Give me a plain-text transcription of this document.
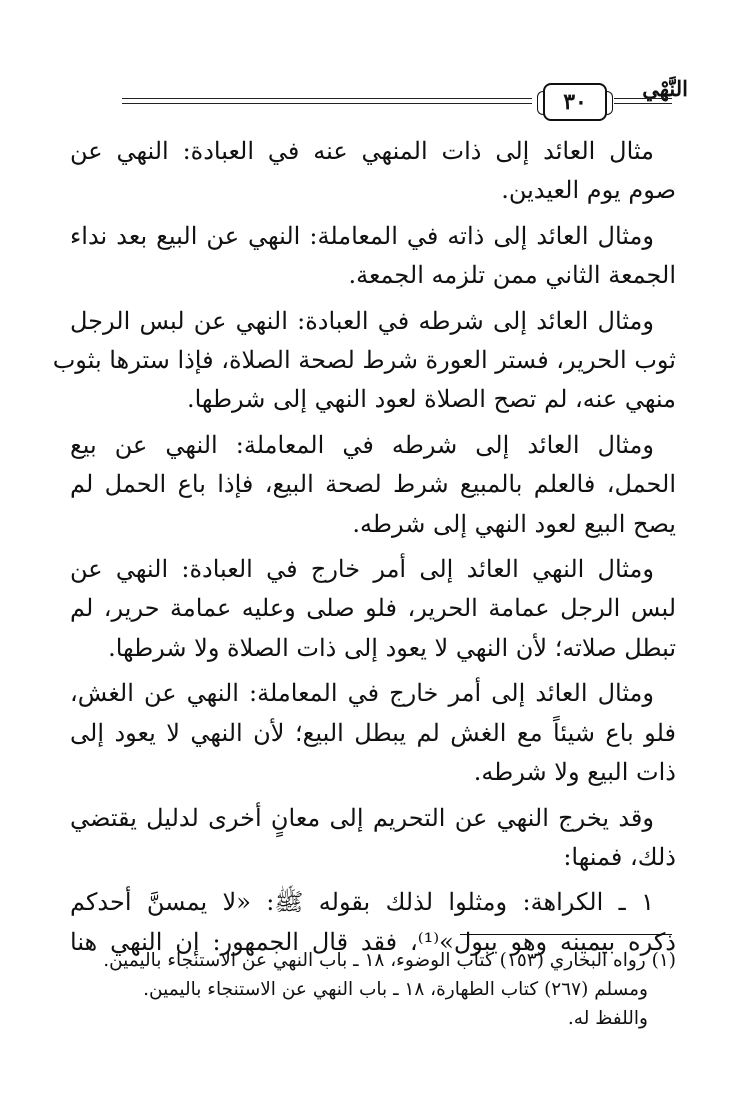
النَّهْي
٣٠
مثال العائد إلى ذات المنهي عنه في العبادة: النهي عن
صوم يوم العيدين.
ومثال العائد إلى ذاته في المعاملة: النهي عن البيع بعد نداء
الجمعة الثاني ممن تلزمه الجمعة.
ومثال العائد إلى شرطه في العبادة: النهي عن لبس الرجل
ثوب الحرير، فستر العورة شرط لصحة الصلاة، فإذا سترها بثوب
منهي عنه، لم تصح الصلاة لعود النهي إلى شرطها.
ومثال العائد إلى شرطه في المعاملة: النهي عن بيع
الحمل، فالعلم بالمبيع شرط لصحة البيع، فإذا باع الحمل لم
يصح البيع لعود النهي إلى شرطه.
ومثال النهي العائد إلى أمر خارج في العبادة: النهي عن
لبس الرجل عمامة الحرير، فلو صلى وعليه عمامة حرير، لم
تبطل صلاته؛ لأن النهي لا يعود إلى ذات الصلاة ولا شرطها.
ومثال العائد إلى أمر خارج في المعاملة: النهي عن الغش،
فلو باع شيئاً مع الغش لم يبطل البيع؛ لأن النهي لا يعود إلى
ذات البيع ولا شرطه.
وقد يخرج النهي عن التحريم إلى معانٍ أخرى لدليل يقتضي
ذلك، فمنها:
١ ـ الكراهة: ومثلوا لذلك بقوله ﷺ: «لا يمسنَّ أحدكم
ذكره بيمينه وهو يبول»⁽¹⁾، فقد قال الجمهور: إن النهي هنا
(١) رواه البخاري (١٥٣) كتاب الوضوء، ١٨ ـ باب النهي عن الاستنجاء باليمين.
ومسلم (٢٦٧) كتاب الطهارة، ١٨ ـ باب النهي عن الاستنجاء باليمين.
واللفظ له.
